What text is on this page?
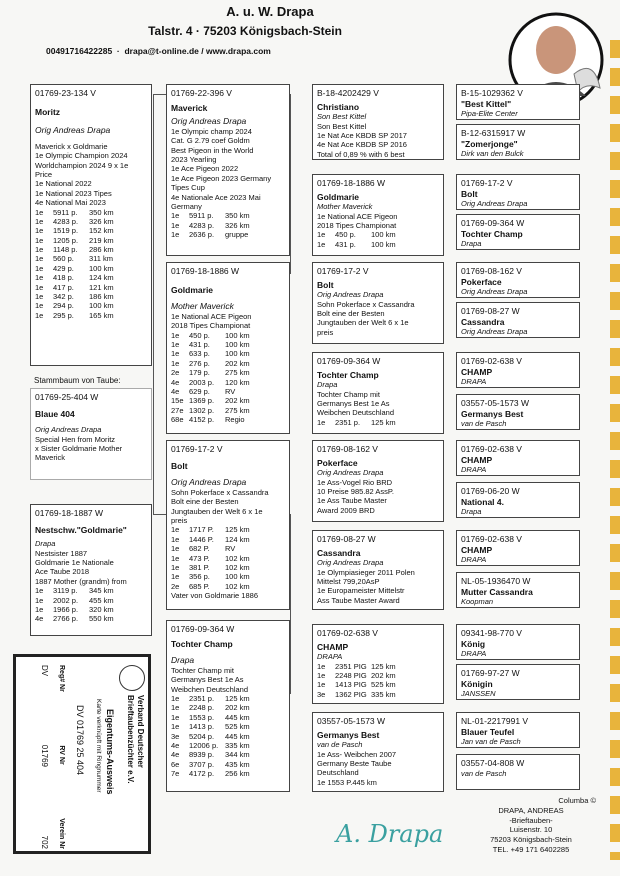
A. u. W. Drapa
Talstr. 4 · 75203 Königsbach-Stein
00491716422285  ·  drapa@t-online.de / www.drapa.com
01769-23-134 V
Moritz
Orig Andreas Drapa
Maverick x Goldmarie
1e Olympic Champion 2024
Worldchampion 2024 9 x 1e
Price
1e National 2022
1e National 2023 Tipes
4e National Mai 2023
1e	5911 p.	350 km
1e	4283 p.	326 km
1e	1519 p.	152 km
1e	1205 p.	219 km
1e	1148 p.	286 km
1e	560 p.	311 km
1e	429 p.	100 km
1e	418 p.	124 km
1e	417 p.	121 km
1e	342 p.	186 km
1e	294 p.	100 km
1e	295 p.	165 km
Stammbaum von Taube:
01769-25-404 W
Blaue 404
Orig Andreas Drapa
Special Hen from Moritz
x Sister Goldmarie Mother
Maverick
01769-18-1887 W
Nestschw."Goldmarie"
Drapa
Nestsister 1887
Goldmarie 1e Nationale
Ace Taube 2018
1887 Mother (grandm) from
1e	3119 p.	345 km
1e	2002 p.	455 km
1e	1966 p.	320 km
4e	2766 p.	550 km
01769-22-396 V
Maverick
Orig Andreas Drapa
1e Olympic champ 2024
Cat. G 2.79 coef Goldm
Best Pigeon in the World
2023 Yearling
1e Ace Pigeon 2022
1e Ace Pigeon 2023 Germany
Tipes Cup
4e Nationale Ace 2023 Mai
Germany
1e	5911 p.	350 km
1e	4283 p.	326 km
1e	2636 p.	gruppe
01769-18-1886 W
Goldmarie
Mother Maverick
1e National ACE Pigeon
2018 Tipes Championat
1e	450 p.	100 km
1e	431 p.	100 km
1e	633 p.	100 km
1e	276 p.	202 km
2e	179 p.	275 km
4e	2003 p.	120 km
4e	629 p.	RV
15e 1369 p.	202 km
27e 1302 p.	275 km
68e 4152 p.	Regio
01769-17-2 V
Bolt
Orig Andreas Drapa
Sohn Pokerface x Cassandra
Bolt eine der Besten
Jungtauben der Welt 6 x 1e
preis
1e	1717 P.	125 km
1e	1446 P.	124 km
1e	682 P.	RV
1e	473 P.	102 km
1e	381 P.	102 km
1e	356 p.	100 km
2e	685 P.	102 km
Vater von Goldmarie 1886
01769-09-364 W
Tochter Champ
Drapa
Tochter Champ mit
Germanys Best 1e As
Weibchen Deutschland
1e	2351 p.	125 km
1e	2248 p.	202 km
1e	1553 p.	445 km
1e	1413 p.	525 km
3e	5204 p.	445 km
4e	12006 p. 335 km
4e	8939 p.	344 km
6e	3707 p.	435 km
7e	4172 p.	256 km
B-18-4202429 V
Christiano
Son Best Kittel
Son Best Kittel
1e Nat Ace KBDB SP 2017
4e Nat Ace KBDB SP 2016
Total of 0,89 % with 6 best
01769-18-1886 W
Goldmarie
Mother Maverick
1e National ACE Pigeon
2018 Tipes Championat
1e	450 p.	100 km
1e	431 p.	100 km
01769-17-2 V
Bolt
Orig Andreas Drapa
Sohn Pokerface x Cassandra
Bolt eine der Besten
Jungtauben der Welt 6 x 1e
preis
01769-09-364 W
Tochter Champ
Drapa
Tochter Champ mit
Germanys Best 1e As
Weibchen Deutschland
1e	2351 p.	125 km
01769-08-162 V
Pokerface
Orig Andreas Drapa
1e Ass-Vogel Rio BRD
10 Preise 985.82 AssP.
1e Ass Taube Master
Award 2009 BRD
01769-08-27 W
Cassandra
Orig Andreas Drapa
1e Olympiasieger 2011 Polen
Mittelst 799,20AsP
1e Europameister Mittelstr
Ass Taube Master Award
01769-02-638 V
CHAMP
DRAPA
1e	2351 PIG 125 km
1e	2248 PIG 202 km
1e	1413 PIG 525 km
3e	1362 PIG 335 km
03557-05-1573 W
Germanys Best
van de Pasch
1e Ass- Weibchen 2007
Germany Beste Taube
Deutschland
1e 1553 P.445 km
B-15-1029362 V
"Best Kittel"
Pipa-Elite Center
B-12-6315917 W
"Zomerjonge"
Dirk van den Bulck
01769-17-2 V
Bolt
Orig Andreas Drapa
01769-09-364 W
Tochter Champ
Drapa
01769-08-162 V
Pokerface
Orig Andreas Drapa
01769-08-27 W
Cassandra
Orig Andreas Drapa
01769-02-638 V
CHAMP
DRAPA
03557-05-1573 W
Germanys Best
van de Pasch
01769-02-638 V
CHAMP
DRAPA
01769-06-20 W
National 4.
Drapa
01769-02-638 V
CHAMP
DRAPA
NL-05-1936470 W
Mutter Cassandra
Koopman
09341-98-770 V
König
DRAPA
01769-97-27 W
Königin
JANSSEN
NL-01-2217991 V
Blauer Teufel
Jan van de Pasch
03557-04-808 W
van de Pasch
Verband Deutscher
Brieftaubenzüchter e.V.
Eigentums-Ausweis
Karte verknüpft mit Ringnummer
DV 01769 25 404
Reg# Nr
RV Nr
Verein Nr
DV
01769
702	A. Drapa
Columba ©
DRAPA, ANDREAS
-Brieftauben-
Luisenstr. 10
75203 Königsbach-Stein
TEL. +49 171 6402285
